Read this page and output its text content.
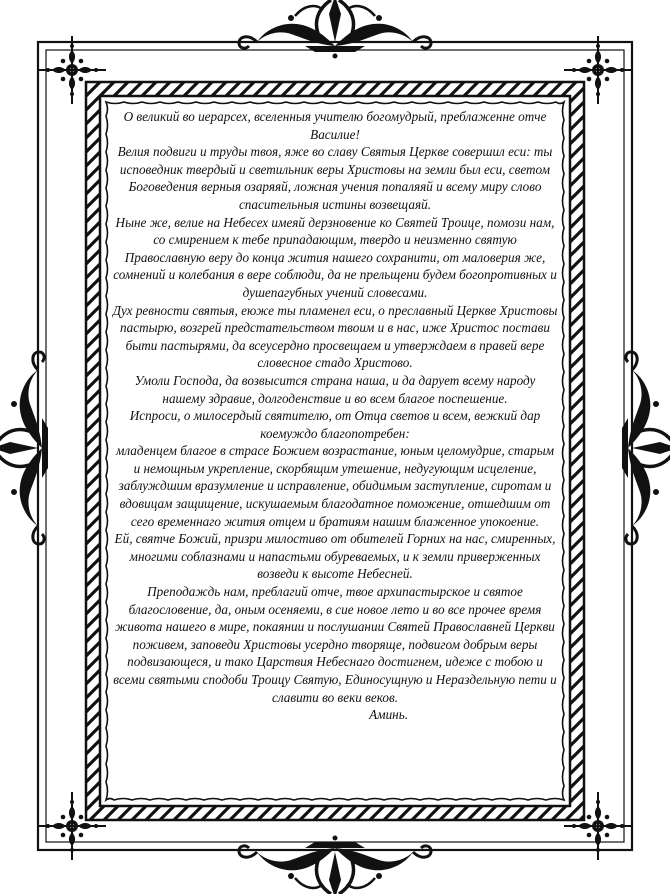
О великий во иерарсех, вселенныя учителю богомудрый, преблаженне отче Василие!

Велия подвиги и труды твоя, яже во славу Святыя Церкве совершил еси: ты исповедник твердый и светильник веры Христовы на земли был еси, светом Боговедения верныя озаряяй, ложная учения попаляяй и всему миру слово спасительныя истины возвещаяй.

Ныне же, велие на Небесех имеяй дерзновение ко Святей Троице, помози нам, со смирением к тебе припадающим, твердо и неизменно святую Православную веру до конца жития нашего сохранити, от маловерия же, сомнений и колебания в вере соблюди, да не прельщени будем богопротивных и душепагубных учений словесами.

Дух ревности святыя, еюже ты пламенел еси, о преславный Церкве Христовы пастырю, возгрей предстательством твоим и в нас, иже Христос постави быти пастырями, да всеусердно просвещаем и утверждаем в правей вере словесное стадо Христово.

Умоли Господа, да возвысится страна наша, и да дарует всему народу нашему здравие, долгоденствие и во всем благое поспешение.

Испроси, о милосердый святителю, от Отца светов и всем, вежкий дар коемуждо благопотребен:

младенцем благое в страсе Божием возрастание, юным целомудрие, старым и немощным укрепление, скорбящим утешение, недугующим исцеление, заблуждшим вразумление и исправление, обидимым заступление, сиротам и вдовицам защищение, искушаемым благодатное поможение, отшедшим от сего временнаго жития отцем и братиям нашим блаженное упокоение.

Ей, святче Божий, призри милостиво от обителей Горних на нас, смиренных, многими соблазнами и напастьми обуреваемых, и к земли приверженных возведи к высоте Небесней.

Преподаждь нам, преблагий отче, твое архипастырское и святое благословение, да, оным осеняеми, в сие новое лето и во все прочее время живота нашего в мире, покаянии и послушании Святей Православней Церкви поживем, заповеди Христовы усердно творяще, подвигом добрым веры подвизающеся, и тако Царствия Небеснаго достигнем, идеже с тобою и всеми святыми сподоби Троицу Святую, Единосущную и Нераздельную пети и славити во веки веков.

Аминь.
